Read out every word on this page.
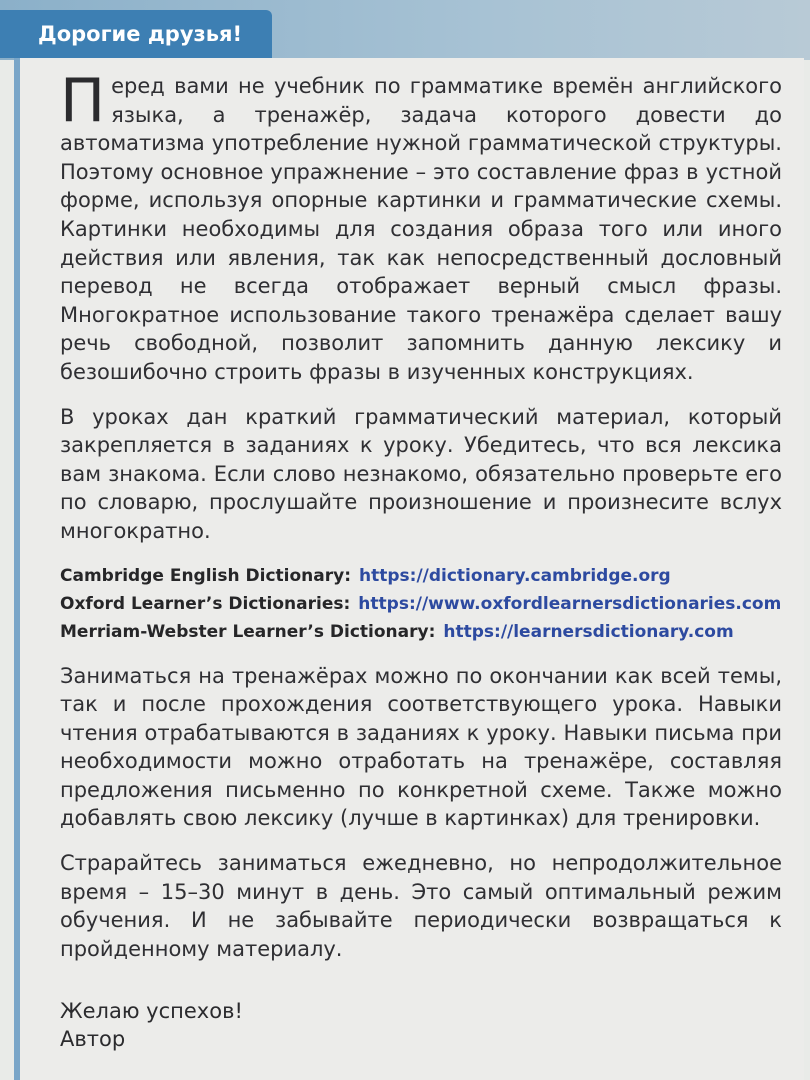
Дорогие друзья!

Перед вами не учебник по грамматике времён английского языка, а тренажёр, задача которого довести до автоматизма употребление нужной грамматической структуры. Поэтому основное упражнение – это составление фраз в устной форме, используя опорные картинки и грамматические схемы. Картинки необходимы для создания образа того или иного действия или явления, так как непосредственный дословный перевод не всегда отображает верный смысл фразы. Многократное использование такого тренажёра сделает вашу речь свободной, позволит запомнить данную лексику и безошибочно строить фразы в изученных конструкциях.

В уроках дан краткий грамматический материал, который закрепляется в заданиях к уроку. Убедитесь, что вся лексика вам знакома. Если слово незнакомо, обязательно проверьте его по словарю, прослушайте произношение и произнесите вслух многократно.

Cambridge English Dictionary: https://dictionary.cambridge.org
Oxford Learner’s Dictionaries: https://www.oxfordlearnersdictionaries.com
Merriam-Webster Learner’s Dictionary: https://learnersdictionary.com

Заниматься на тренажёрах можно по окончании как всей темы, так и после прохождения соответствующего урока. Навыки чтения отрабатываются в заданиях к уроку. Навыки письма при необходимости можно отработать на тренажёре, составляя предложения письменно по конкретной схеме. Также можно добавлять свою лексику (лучше в картинках) для тренировки.

Страрайтесь заниматься ежедневно, но непродолжительное время – 15–30 минут в день. Это самый оптимальный режим обучения. И не забывайте периодически возвращаться к пройденному материалу.

Желаю успехов!
Автор
